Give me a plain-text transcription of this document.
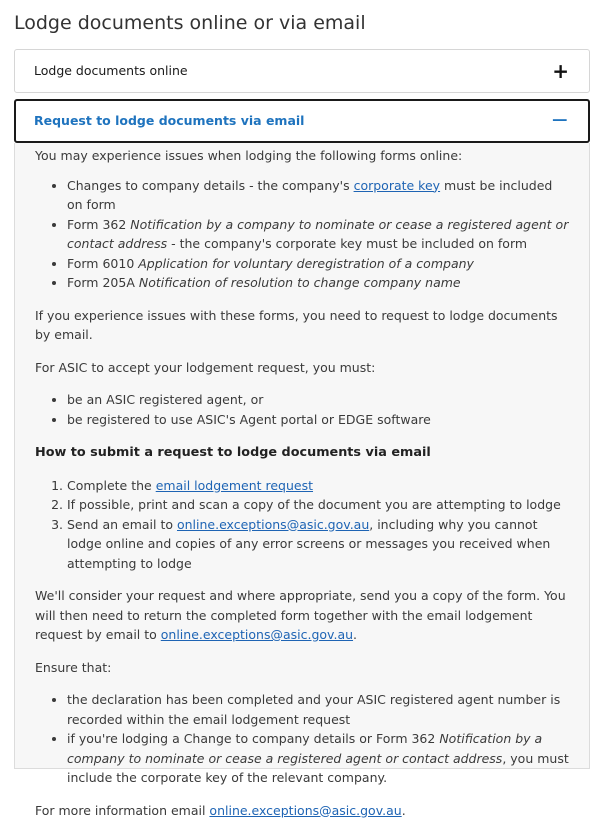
Lodge documents online or via email
Lodge documents online	+
Request to lodge documents via email	−

You may experience issues when lodging the following forms online:

• Changes to company details - the company's corporate key must be included on form
• Form 362 Notification by a company to nominate or cease a registered agent or contact address - the company's corporate key must be included on form
• Form 6010 Application for voluntary deregistration of a company
• Form 205A Notification of resolution to change company name

If you experience issues with these forms, you need to request to lodge documents by email.

For ASIC to accept your lodgement request, you must:

• be an ASIC registered agent, or
• be registered to use ASIC's Agent portal or EDGE software

How to submit a request to lodge documents via email

1. Complete the email lodgement request
2. If possible, print and scan a copy of the document you are attempting to lodge
3. Send an email to online.exceptions@asic.gov.au, including why you cannot lodge online and copies of any error screens or messages you received when attempting to lodge

We'll consider your request and where appropriate, send you a copy of the form. You will then need to return the completed form together with the email lodgement request by email to online.exceptions@asic.gov.au.

Ensure that:

• the declaration has been completed and your ASIC registered agent number is recorded within the email lodgement request
• if you're lodging a Change to company details or Form 362 Notification by a company to nominate or cease a registered agent or contact address, you must include the corporate key of the relevant company.

For more information email online.exceptions@asic.gov.au.
